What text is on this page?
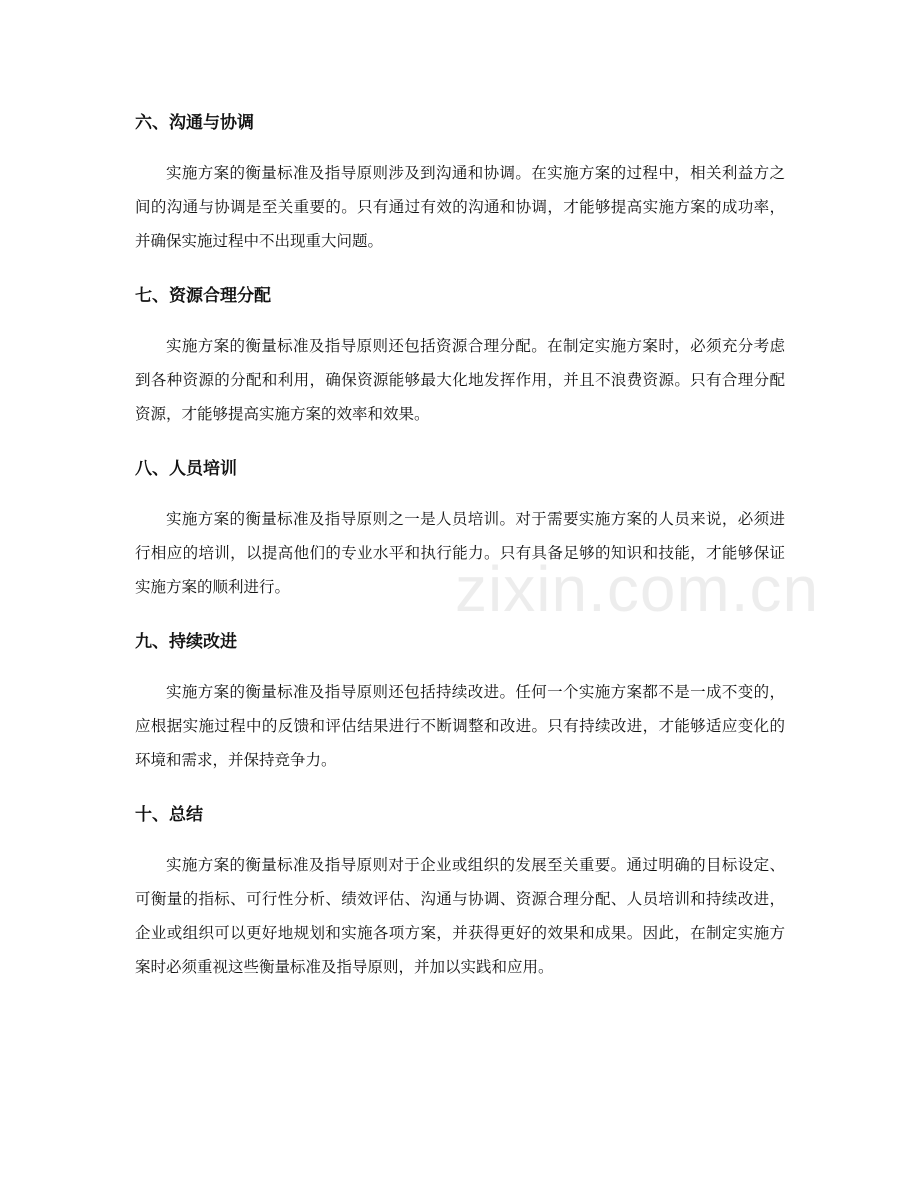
六、沟通与协调

实施方案的衡量标准及指导原则涉及到沟通和协调。在实施方案的过程中，相关利益方之间的沟通与协调是至关重要的。只有通过有效的沟通和协调，才能够提高实施方案的成功率，并确保实施过程中不出现重大问题。

七、资源合理分配

实施方案的衡量标准及指导原则还包括资源合理分配。在制定实施方案时，必须充分考虑到各种资源的分配和利用，确保资源能够最大化地发挥作用，并且不浪费资源。只有合理分配资源，才能够提高实施方案的效率和效果。

八、人员培训

实施方案的衡量标准及指导原则之一是人员培训。对于需要实施方案的人员来说，必须进行相应的培训，以提高他们的专业水平和执行能力。只有具备足够的知识和技能，才能够保证实施方案的顺利进行。

九、持续改进

实施方案的衡量标准及指导原则还包括持续改进。任何一个实施方案都不是一成不变的，应根据实施过程中的反馈和评估结果进行不断调整和改进。只有持续改进，才能够适应变化的环境和需求，并保持竞争力。

十、总结

实施方案的衡量标准及指导原则对于企业或组织的发展至关重要。通过明确的目标设定、可衡量的指标、可行性分析、绩效评估、沟通与协调、资源合理分配、人员培训和持续改进，企业或组织可以更好地规划和实施各项方案，并获得更好的效果和成果。因此，在制定实施方案时必须重视这些衡量标准及指导原则，并加以实践和应用。

zixin.com.cn
